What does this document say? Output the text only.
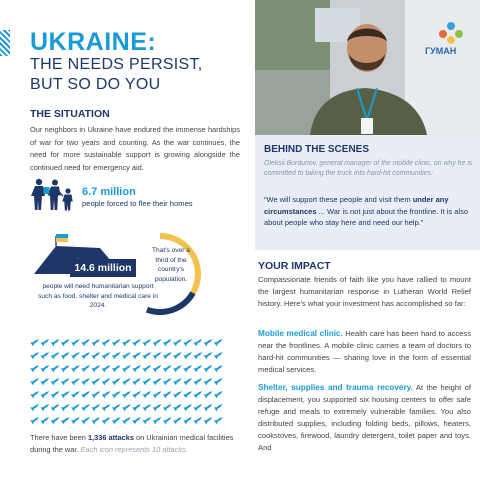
UKRAINE:
THE NEEDS PERSIST,
BUT SO DO YOU
THE SITUATION

Our neighbors in Ukraine have endured the immense hardships of war for two years and counting. As the war continues, the need for more sustainable support is growing alongside the continued need for emergency aid.

6.7 million
people forced to flee their homes
14.6 million
people will need humanitarian support such as food, shelter and medical care in 2024.
That's over a third of the country's population.

There have been 1,336 attacks on Ukrainian medical facilities during the war. Each icon represents 10 attacks.

ГУМАН
BEHIND THE SCENES

Oleksii Bordunov, general manager of the mobile clinic, on why he is committed to taking the truck into hard-hit communities:

“We will support these people and visit them under any circumstances ... War is not just about the frontline. It is also about people who stay here and need our help.”

YOUR IMPACT

Compassionate friends of faith like you have rallied to mount the largest humanitarian response in Lutheran World Relief history. Here's what your investment has accomplished so far:

Mobile medical clinic. Health care has been hard to access near the frontlines. A mobile clinic carries a team of doctors to hard-hit communities — sharing love in the form of essential medical services.

Shelter, supplies and trauma recovery. At the height of displacement, you supported six housing centers to offer safe refuge and meals to extremely vulnerable families. You also distributed supplies, including folding beds, pillows, heaters, cookstoves, firewood, laundry detergent, toilet paper and toys. And
